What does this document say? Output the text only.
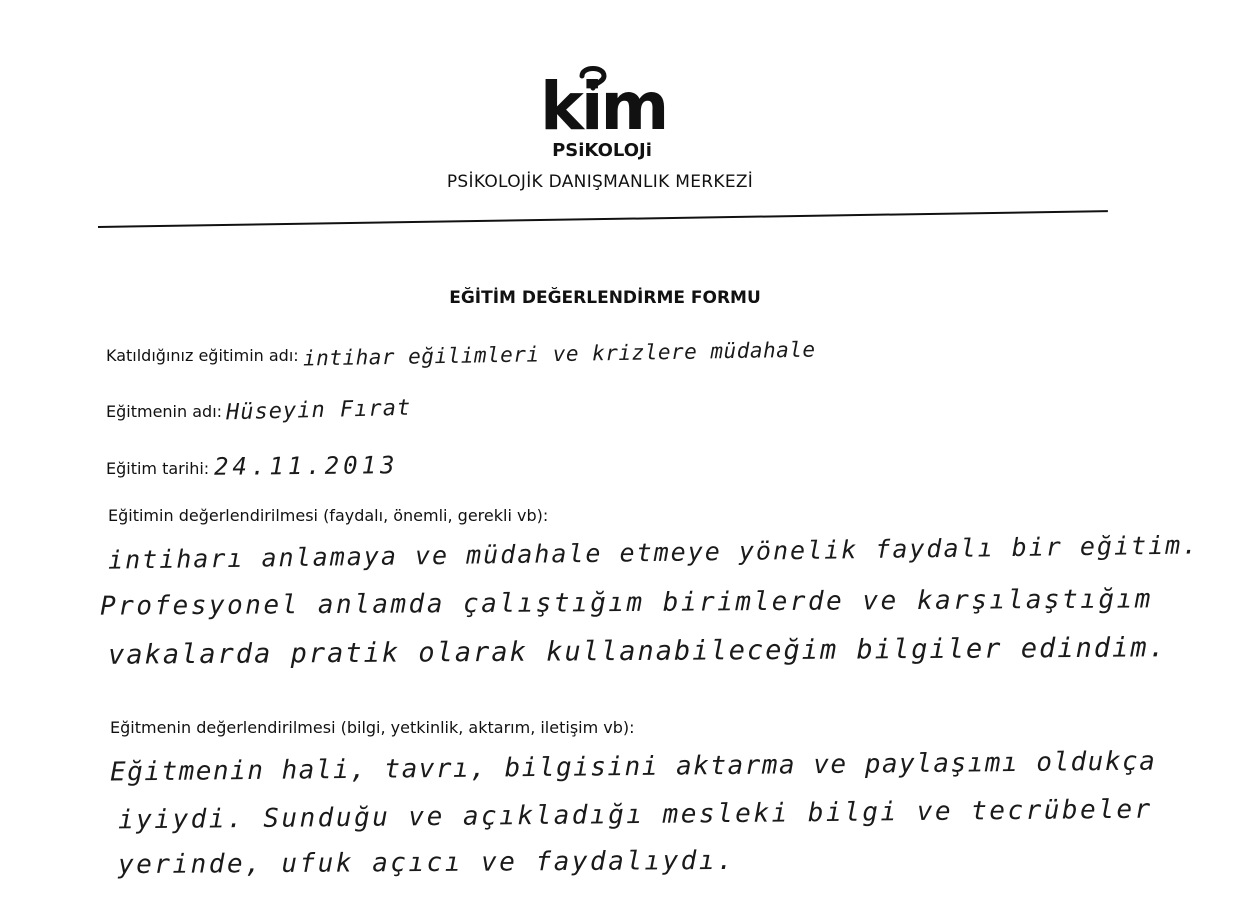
kim
PSiKOLOJi
PSİKOLOJİK DANIŞMANLIK MERKEZİ
EĞİTİM DEĞERLENDİRME FORMU
Katıldığınız eğitimin adı: intihar eğilimleri ve krizlere müdahale
Eğitmenin adı: Hüseyin Fırat
Eğitim tarihi: 24.11.2013
Eğitimin değerlendirilmesi (faydalı, önemli, gerekli vb):
intiharı anlamaya ve müdahale etmeye yönelik faydalı bir eğitim.
Profesyonel anlamda çalıştığım birimlerde ve karşılaştığım
vakalarda pratik olarak kullanabileceğim bilgiler edindim.
Eğitmenin değerlendirilmesi (bilgi, yetkinlik, aktarım, iletişim vb):
Eğitmenin hali, tavrı, bilgisini aktarma ve paylaşımı oldukça
iyiydi. Sunduğu ve açıkladığı mesleki bilgi ve tecrübeler
yerinde, ufuk açıcı ve faydalıydı.
